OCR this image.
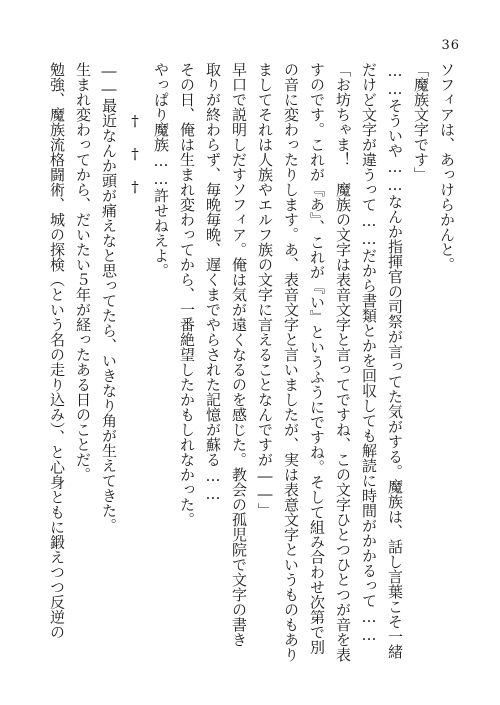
36
ソフィアは、あっけらかんと。
「魔族文字です」
……そういや……なんか指揮官の司祭が言ってた気がする。魔族は、話し言葉こそ一緒
だけど文字が違うって……だから書類とかを回収しても解読に時間がかかるって……
「お坊ちゃま！　魔族の文字は表音文字と言ってですね、この文字ひとつひとつが音を表
すのです。これが『あ』、これが『い』というふうにですね。そして組み合わせ次第で別
の音に変わったりします。あ、表音文字と言いましたが、実は表意文字というものもあり
ましてそれは人族やエルフ族の文字に言えることなんですが――」
早口で説明しだすソフィア。俺は気が遠くなるのを感じた。教会の孤児院で文字の書き
取りが終わらず、毎晩毎晩、遅くまでやらされた記憶が蘇る……
その日、俺は生まれ変わってから、一番絶望したかもしれなかった。
やっぱり魔族……許せねえよ。
†　†　†
――最近なんか頭が痛えなと思ってたら、いきなり角が生えてきた。
生まれ変わってから、だいたい５年が経ったある日のことだ。
勉強、魔族流格闘術、城の探検（という名の走り込み）、と心身ともに鍛えつつ反逆の
